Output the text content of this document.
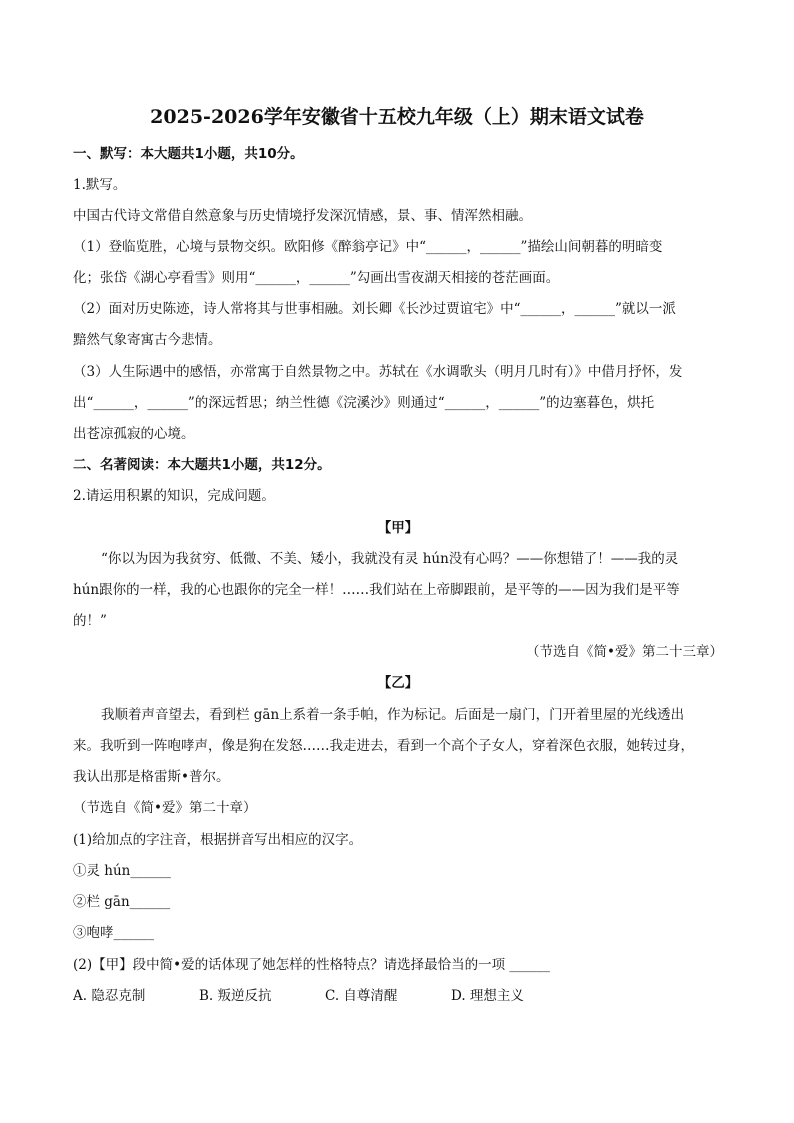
2025-2026学年安徽省十五校九年级（上）期末语文试卷
一、默写：本大题共1小题，共10分。
1.默写。
中国古代诗文常借自然意象与历史情境抒发深沉情感，景、事、情浑然相融。
（1）登临览胜，心境与景物交织。欧阳修《醉翁亭记》中“______，______”描绘山间朝暮的明暗变
化；张岱《湖心亭看雪》则用“______，______”勾画出雪夜湖天相接的苍茫画面。
（2）面对历史陈迹，诗人常将其与世事相融。刘长卿《长沙过贾谊宅》中“______，______”就以一派
黯然气象寄寓古今悲情。
（3）人生际遇中的感悟，亦常寓于自然景物之中。苏轼在《水调歌头（明月几时有）》中借月抒怀，发
出“______，______”的深远哲思；纳兰性德《浣溪沙》则通过“______，______”的边塞暮色，烘托
出苍凉孤寂的心境。
二、名著阅读：本大题共1小题，共12分。
2.请运用积累的知识，完成问题。
【甲】
“你以为因为我贫穷、低微、不美、矮小，我就没有灵 hún没有心吗？——你想错了！——我的灵
hún跟你的一样，我的心也跟你的完全一样！……我们站在上帝脚跟前，是平等的——因为我们是平等
的！”
（节选自《简•爱》第二十三章）
【乙】
我顺着声音望去，看到栏 gān上系着一条手帕，作为标记。后面是一扇门，门开着里屋的光线透出
来。我听到一阵咆哮声，像是狗在发怒……我走进去，看到一个高个子女人，穿着深色衣服，她转过身，
我认出那是格雷斯•普尔。
（节选自《简•爱》第二十章）
(1)给加点的字注音，根据拼音写出相应的汉字。
①灵 hún______
②栏 gān______
③咆哮______
(2)【甲】段中简•爱的话体现了她怎样的性格特点？请选择最恰当的一项 ______
A. 隐忍克制	B. 叛逆反抗	C. 自尊清醒	D. 理想主义
